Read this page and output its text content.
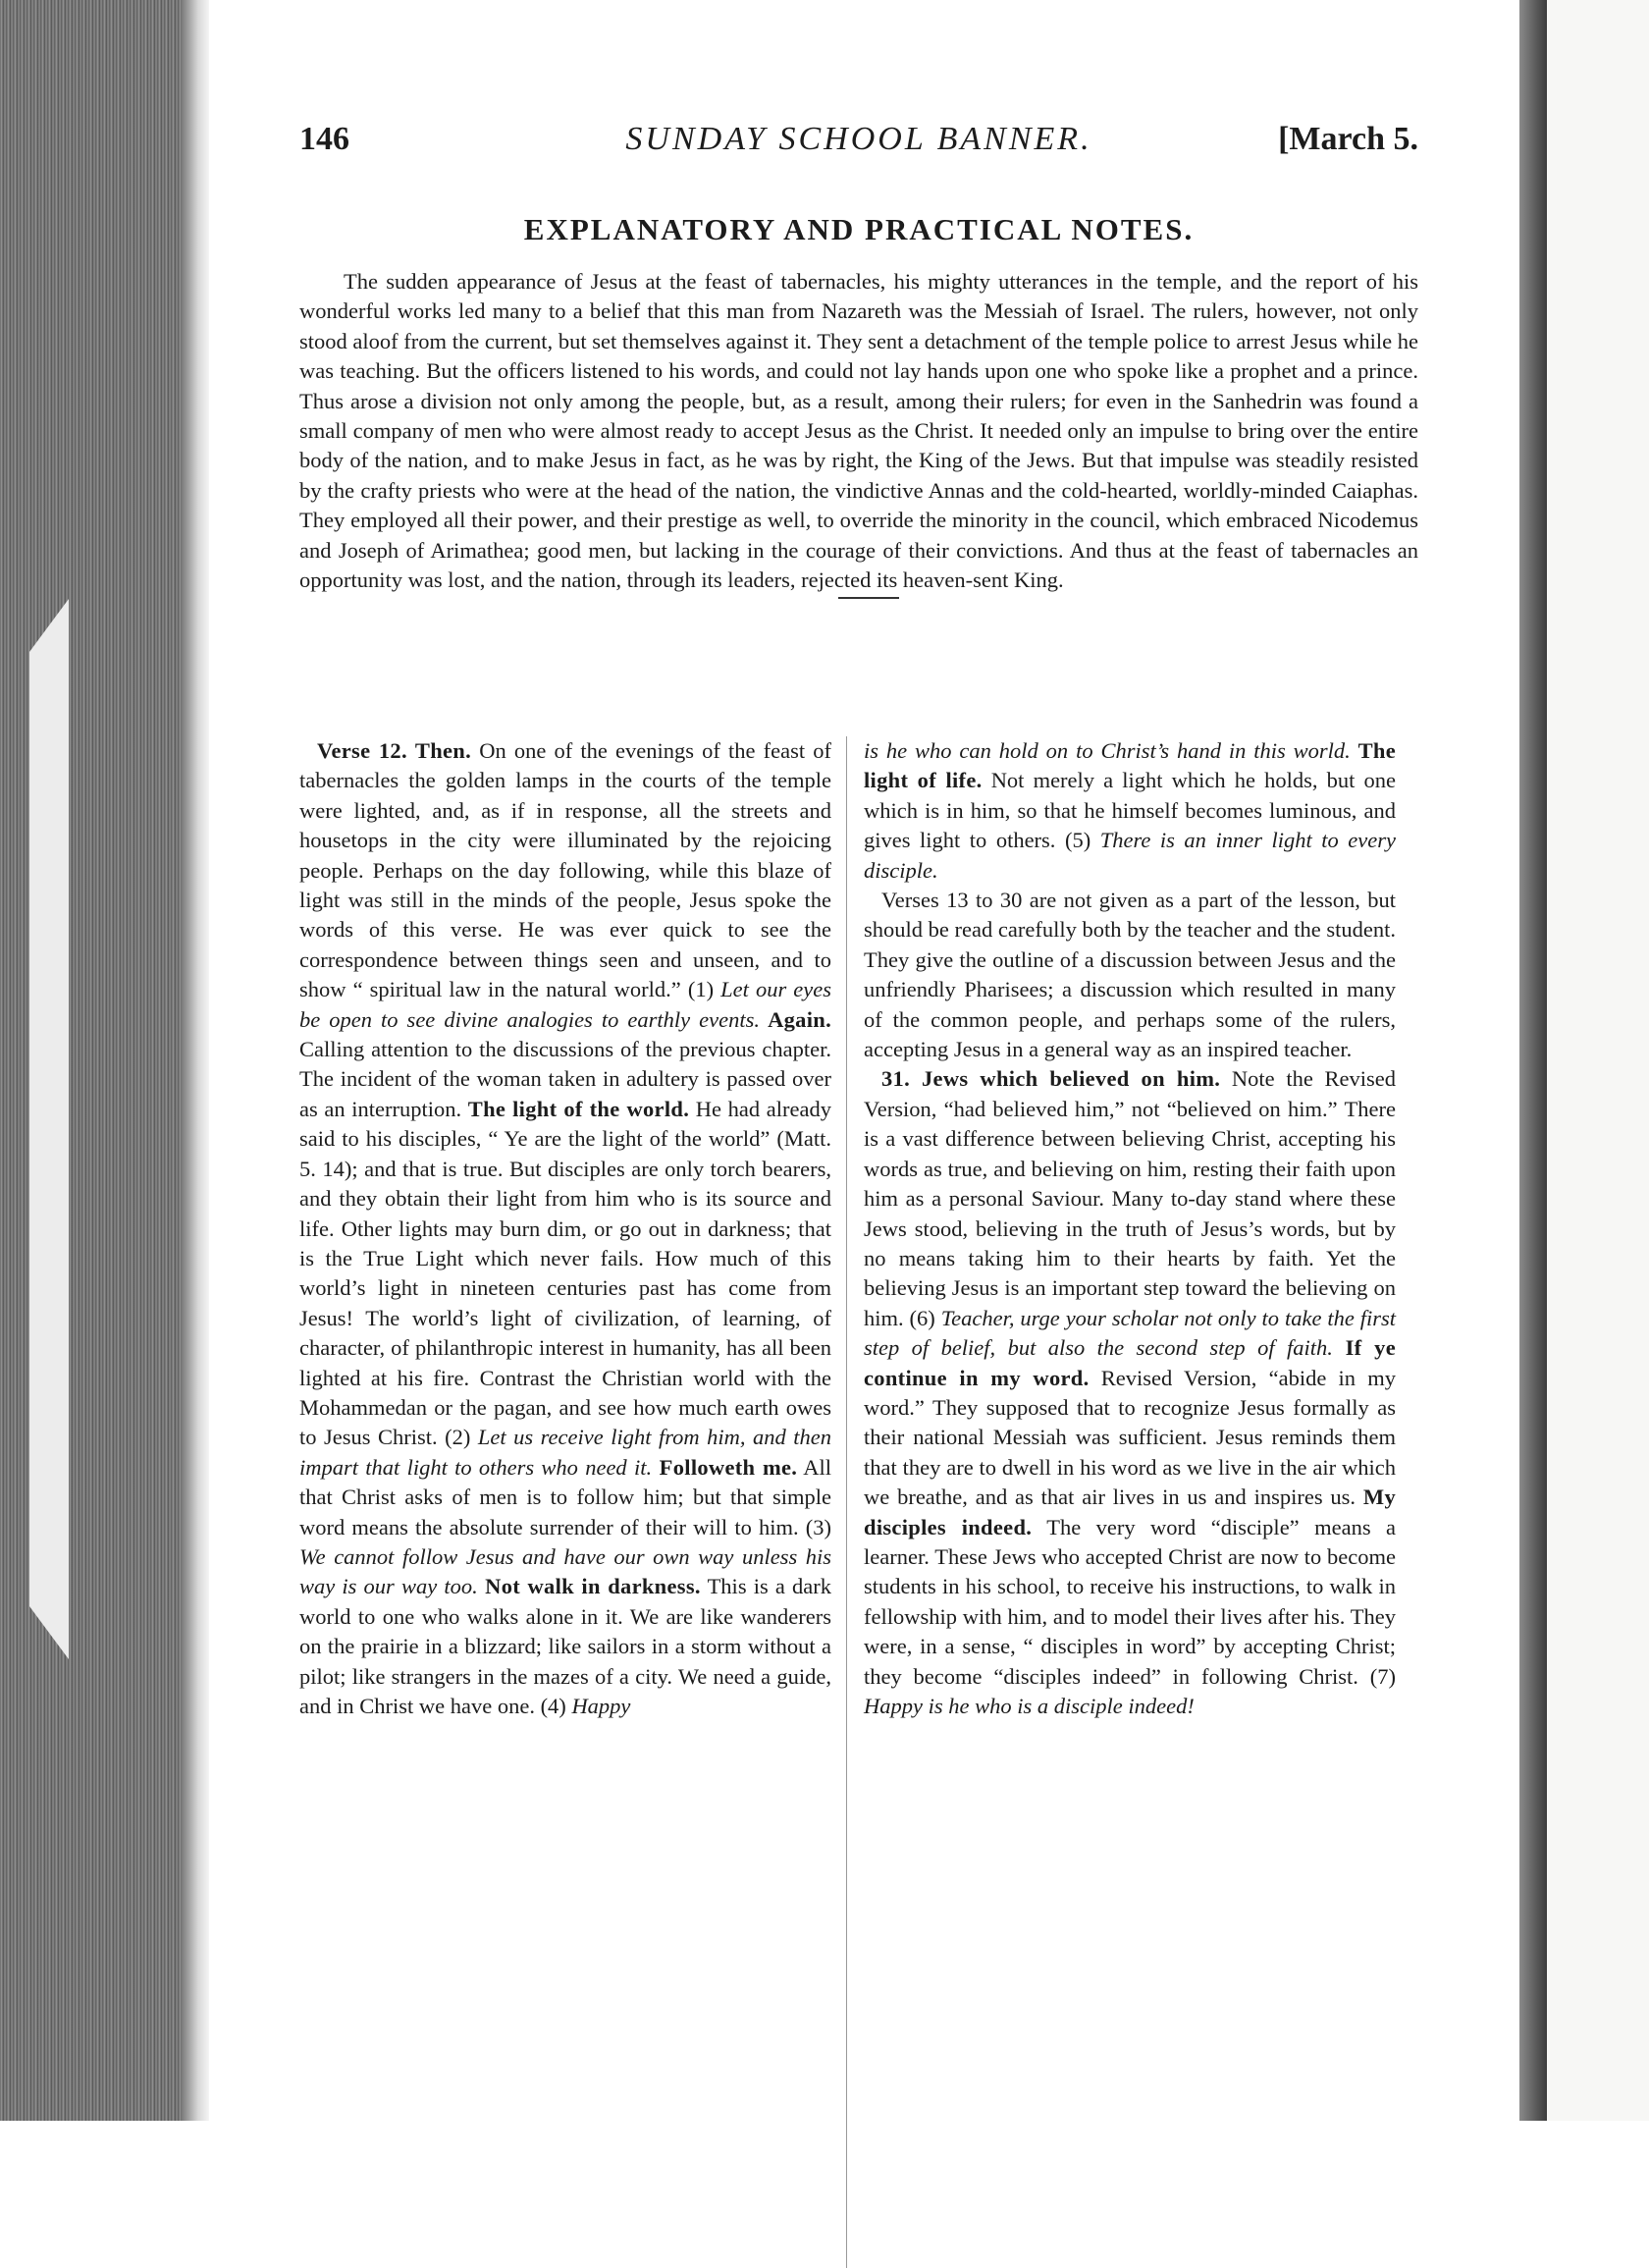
146	SUNDAY SCHOOL BANNER.	[March 5.
EXPLANATORY AND PRACTICAL NOTES.

The sudden appearance of Jesus at the feast of tabernacles, his mighty utterances in the temple, and the report of his wonderful works led many to a belief that this man from Nazareth was the Messiah of Israel. The rulers, however, not only stood aloof from the current, but set themselves against it. They sent a detachment of the temple police to arrest Jesus while he was teaching. But the officers listened to his words, and could not lay hands upon one who spoke like a prophet and a prince. Thus arose a division not only among the people, but, as a result, among their rulers; for even in the Sanhedrin was found a small company of men who were almost ready to accept Jesus as the Christ. It needed only an impulse to bring over the entire body of the nation, and to make Jesus in fact, as he was by right, the King of the Jews. But that impulse was steadily resisted by the crafty priests who were at the head of the nation, the vindictive Annas and the cold-hearted, worldly-minded Caiaphas. They employed all their power, and their prestige as well, to override the minority in the council, which embraced Nicodemus and Joseph of Arimathea; good men, but lacking in the courage of their convictions. And thus at the feast of tabernacles an opportunity was lost, and the nation, through its leaders, rejected its heaven-sent King.

Verse 12. Then. On one of the evenings of the feast of tabernacles the golden lamps in the courts of the temple were lighted, and, as if in response, all the streets and housetops in the city were illuminated by the rejoicing people. Perhaps on the day following, while this blaze of light was still in the minds of the people, Jesus spoke the words of this verse. He was ever quick to see the correspondence between things seen and unseen, and to show “ spiritual law in the natural world.” (1) Let our eyes be open to see divine analogies to earthly events. Again. Calling attention to the discussions of the previous chapter. The incident of the woman taken in adultery is passed over as an interruption. The light of the world. He had already said to his disciples, “ Ye are the light of the world” (Matt. 5. 14); and that is true. But disciples are only torch bearers, and they obtain their light from him who is its source and life. Other lights may burn dim, or go out in darkness; that is the True Light which never fails. How much of this world’s light in nineteen centuries past has come from Jesus! The world’s light of civilization, of learning, of character, of philanthropic interest in humanity, has all been lighted at his fire. Contrast the Christian world with the Mohammedan or the pagan, and see how much earth owes to Jesus Christ. (2) Let us receive light from him, and then impart that light to others who need it. Followeth me. All that Christ asks of men is to follow him; but that simple word means the absolute surrender of their will to him. (3) We cannot follow Jesus and have our own way unless his way is our way too. Not walk in darkness. This is a dark world to one who walks alone in it. We are like wanderers on the prairie in a blizzard; like sailors in a storm without a pilot; like strangers in the mazes of a city. We need a guide, and in Christ we have one. (4) Happy

is he who can hold on to Christ’s hand in this world. The light of life. Not merely a light which he holds, but one which is in him, so that he himself becomes luminous, and gives light to others. (5) There is an inner light to every disciple.

Verses 13 to 30 are not given as a part of the lesson, but should be read carefully both by the teacher and the student. They give the outline of a discussion between Jesus and the unfriendly Pharisees; a discussion which resulted in many of the common people, and perhaps some of the rulers, accepting Jesus in a general way as an inspired teacher.

31. Jews which believed on him. Note the Revised Version, “had believed him,” not “believed on him.” There is a vast difference between believing Christ, accepting his words as true, and believing on him, resting their faith upon him as a personal Saviour. Many to-day stand where these Jews stood, believing in the truth of Jesus’s words, but by no means taking him to their hearts by faith. Yet the believing Jesus is an important step toward the believing on him. (6) Teacher, urge your scholar not only to take the first step of belief, but also the second step of faith. If ye continue in my word. Revised Version, “abide in my word.” They supposed that to recognize Jesus formally as their national Messiah was sufficient. Jesus reminds them that they are to dwell in his word as we live in the air which we breathe, and as that air lives in us and inspires us. My disciples indeed. The very word “disciple” means a learner. These Jews who accepted Christ are now to become students in his school, to receive his instructions, to walk in fellowship with him, and to model their lives after his. They were, in a sense, “ disciples in word” by accepting Christ; they become “disciples indeed” in following Christ. (7) Happy is he who is a disciple indeed!
